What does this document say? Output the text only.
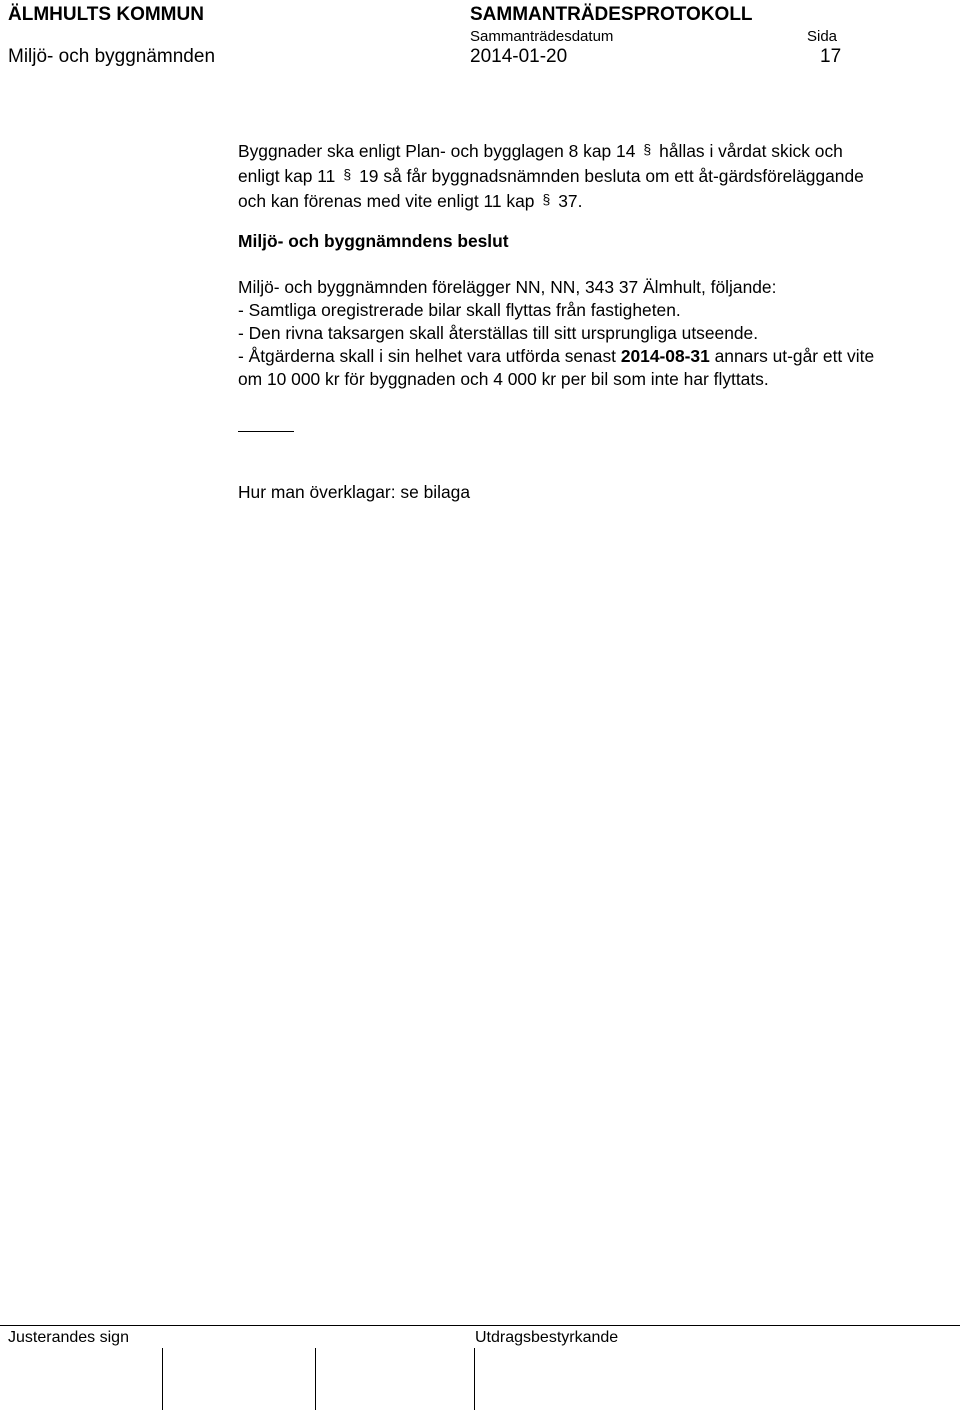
ÄLMHULTS KOMMUN
Miljö- och byggnämnden
SAMMANTRÄDESPROTOKOLL
Sammanträdesdatum
2014-01-20
Sida
17

Byggnader ska enligt Plan- och bygglagen 8 kap 14 § hållas i vårdat skick och enligt kap 11 § 19 så får byggnadsnämnden besluta om ett åt-gärdsföreläggande och kan förenas med vite enligt 11 kap § 37.

Miljö- och byggnämndens beslut

Miljö- och byggnämnden förelägger NN, NN, 343 37 Älmhult, följande:

- Samtliga oregistrerade bilar skall flyttas från fastigheten.

- Den rivna taksargen skall återställas till sitt ursprungliga utseende.

- Åtgärderna skall i sin helhet vara utförda senast 2014-08-31 annars ut-går ett vite om 10 000 kr för byggnaden och 4 000 kr per bil som inte har flyttats.

Hur man överklagar: se bilaga
Justerandes sign	Utdragsbestyrkande
